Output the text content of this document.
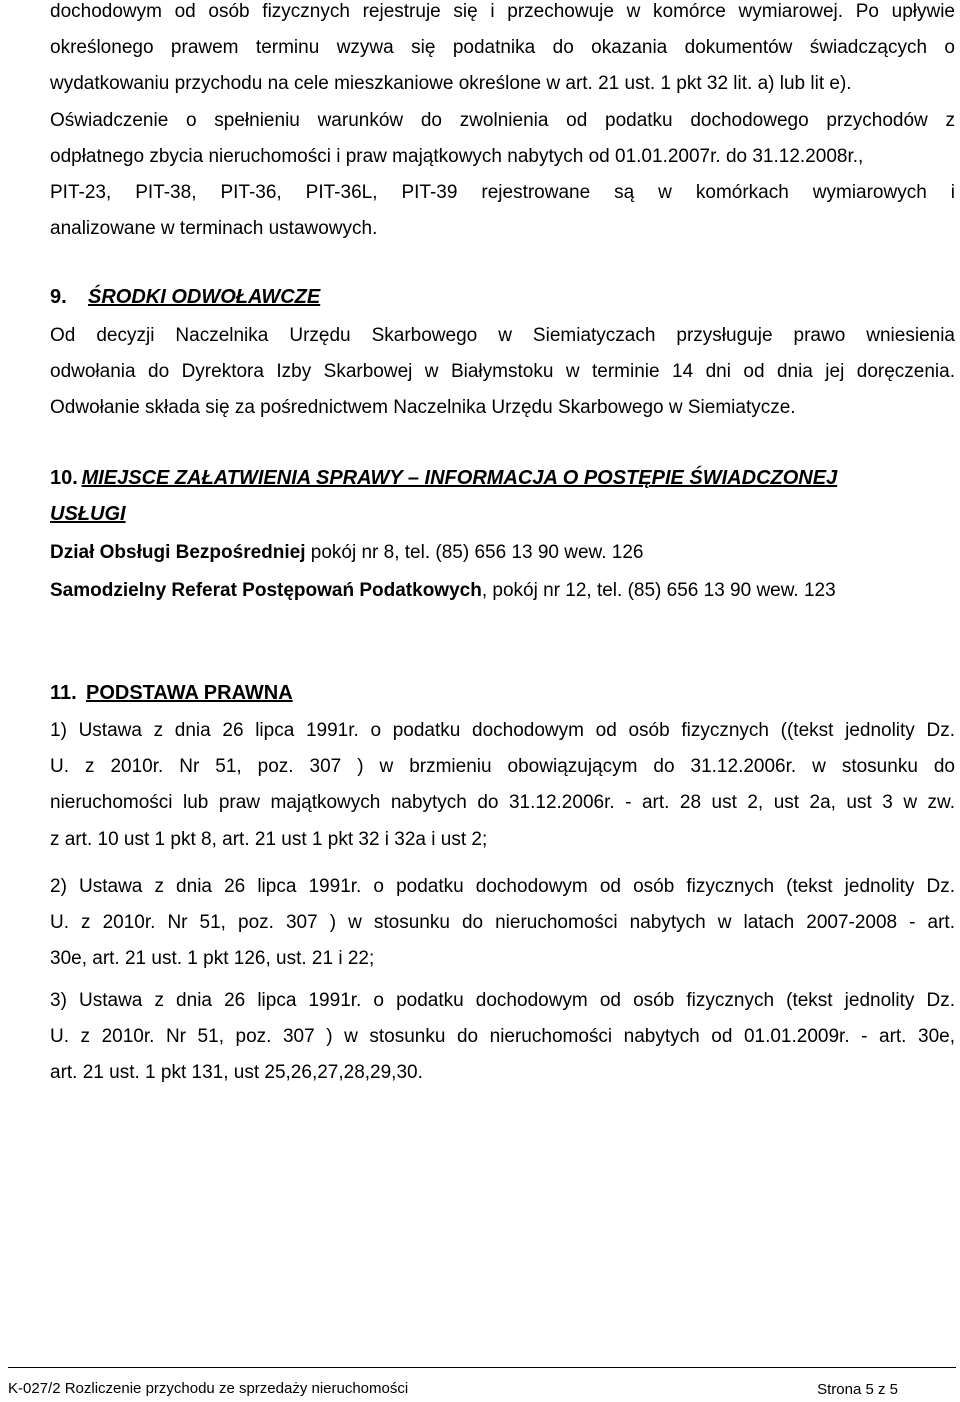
dochodowym od osób fizycznych rejestruje się i przechowuje w komórce wymiarowej. Po upływie
określonego prawem terminu wzywa się podatnika do okazania dokumentów świadczących o
wydatkowaniu przychodu na cele mieszkaniowe określone w art. 21 ust. 1 pkt 32 lit. a) lub lit e).
Oświadczenie o spełnieniu warunków do zwolnienia od podatku dochodowego przychodów z
odpłatnego zbycia nieruchomości i praw majątkowych nabytych od 01.01.2007r. do 31.12.2008r.,
PIT-23, PIT-38, PIT-36, PIT-36L, PIT-39 rejestrowane są w komórkach wymiarowych i
analizowane w terminach ustawowych.
9. ŚRODKI ODWOŁAWCZE
Od decyzji Naczelnika Urzędu Skarbowego w Siemiatyczach przysługuje prawo wniesienia
odwołania do Dyrektora Izby Skarbowej w Białymstoku w terminie 14 dni od dnia jej doręczenia.
Odwołanie składa się za pośrednictwem Naczelnika Urzędu Skarbowego w Siemiatycze.
10. MIEJSCE ZAŁATWIENIA SPRAWY – INFORMACJA O POSTĘPIE ŚWIADCZONEJ
USŁUGI
Dział Obsługi Bezpośredniej pokój nr 8, tel. (85) 656 13 90 wew. 126
Samodzielny Referat Postępowań Podatkowych, pokój nr 12, tel. (85) 656 13 90 wew. 123
11. PODSTAWA PRAWNA
1) Ustawa z dnia 26 lipca 1991r. o podatku dochodowym od osób fizycznych ((tekst jednolity Dz.
U. z 2010r. Nr 51, poz. 307 ) w brzmieniu obowiązującym do 31.12.2006r. w stosunku do
nieruchomości lub praw majątkowych nabytych do 31.12.2006r. - art. 28 ust 2, ust 2a, ust 3 w zw.
z art. 10 ust 1 pkt 8, art. 21 ust 1 pkt 32 i 32a i ust 2;
2) Ustawa z dnia 26 lipca 1991r. o podatku dochodowym od osób fizycznych (tekst jednolity Dz.
U. z 2010r. Nr 51, poz. 307 ) w stosunku do nieruchomości nabytych w latach 2007-2008 - art.
30e, art. 21 ust. 1 pkt 126, ust. 21 i 22;
3) Ustawa z dnia 26 lipca 1991r. o podatku dochodowym od osób fizycznych (tekst jednolity Dz.
U. z 2010r. Nr 51, poz. 307 ) w stosunku do nieruchomości nabytych od 01.01.2009r. - art. 30e,
art. 21 ust. 1 pkt 131, ust 25,26,27,28,29,30.
K-027/2 Rozliczenie przychodu ze sprzedaży nieruchomości	Strona 5 z 5
